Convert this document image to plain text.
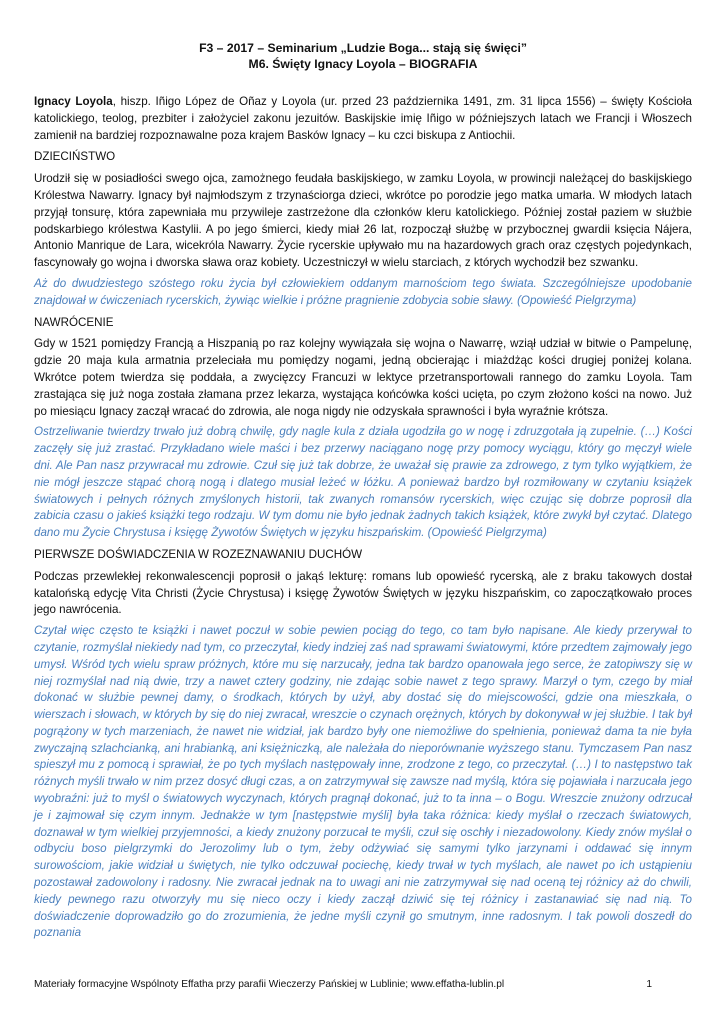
F3 – 2017 – Seminarium „Ludzie Boga... stają się święci”
M6. Święty Ignacy Loyola – BIOGRAFIA

Ignacy Loyola, hiszp. Iñigo López de Oñaz y Loyola (ur. przed 23 października 1491, zm. 31 lipca 1556) – święty Kościoła katolickiego, teolog, prezbiter i założyciel zakonu jezuitów. Baskijskie imię Iñigo w późniejszych latach we Francji i Włoszech zamienił na bardziej rozpoznawalne poza krajem Basków Ignacy – ku czci biskupa z Antiochii.

DZIECIŃSTWO

Urodził się w posiadłości swego ojca, zamożnego feudała baskijskiego, w zamku Loyola, w prowincji należącej do baskijskiego Królestwa Nawarry. Ignacy był najmłodszym z trzynaściorga dzieci, wkrótce po porodzie jego matka umarła. W młodych latach przyjął tonsurę, która zapewniała mu przywileje zastrzeżone dla członków kleru katolickiego. Później został paziem w służbie podskarbiego królestwa Kastylii. A po jego śmierci, kiedy miał 26 lat, rozpoczął służbę w przybocznej gwardii księcia Nájera, Antonio Manrique de Lara, wicekróla Nawarry. Życie rycerskie upływało mu na hazardowych grach oraz częstych pojedynkach, fascynowały go wojna i dworska sława oraz kobiety. Uczestniczył w wielu starciach, z których wychodził bez szwanku.

Aż do dwudziestego szóstego roku życia był człowiekiem oddanym marnościom tego świata. Szczególniejsze upodobanie znajdował w ćwiczeniach rycerskich, żywiąc wielkie i próżne pragnienie zdobycia sobie sławy. (Opowieść Pielgrzyma)

NAWRÓCENIE

Gdy w 1521 pomiędzy Francją a Hiszpanią po raz kolejny wywiązała się wojna o Nawarrę, wziął udział w bitwie o Pampelunę, gdzie 20 maja kula armatnia przeleciała mu pomiędzy nogami, jedną obcierając i miażdżąc kości drugiej poniżej kolana. Wkrótce potem twierdza się poddała, a zwycięzcy Francuzi w lektyce przetransportowali rannego do zamku Loyola. Tam zrastająca się już noga została złamana przez lekarza, wystająca końcówka kości ucięta, po czym złożono kości na nowo. Już po miesiącu Ignacy zaczął wracać do zdrowia, ale noga nigdy nie odzyskała sprawności i była wyraźnie krótsza.

Ostrzeliwanie twierdzy trwało już dobrą chwilę, gdy nagle kula z działa ugodziła go w nogę i zdruzgotała ją zupełnie. (…) Kości zaczęły się już zrastać. Przykładano wiele maści i bez przerwy naciągano nogę przy pomocy wyciągu, który go męczył wiele dni. Ale Pan nasz przywracał mu zdrowie. Czuł się już tak dobrze, że uważał się prawie za zdrowego, z tym tylko wyjątkiem, że nie mógł jeszcze stąpać chorą nogą i dlatego musiał leżeć w łóżku. A ponieważ bardzo był rozmiłowany w czytaniu książek światowych i pełnych różnych zmyślonych historii, tak zwanych romansów rycerskich, więc czując się dobrze poprosił dla zabicia czasu o jakieś książki tego rodzaju. W tym domu nie było jednak żadnych takich książek, które zwykł był czytać. Dlatego dano mu Życie Chrystusa i księgę Żywotów Świętych w języku hiszpańskim. (Opowieść Pielgrzyma)

PIERWSZE DOŚWIADCZENIA W ROZEZNAWANIU DUCHÓW

Podczas przewlekłej rekonwalescencji poprosił o jakąś lekturę: romans lub opowieść rycerską, ale z braku takowych dostał katalońską edycję Vita Christi (Życie Chrystusa) i księgę Żywotów Świętych w języku hiszpańskim, co zapoczątkowało proces jego nawrócenia.

Czytał więc często te książki i nawet poczuł w sobie pewien pociąg do tego, co tam było napisane. Ale kiedy przerywał to czytanie, rozmyślał niekiedy nad tym, co przeczytał, kiedy indziej zaś nad sprawami światowymi, które przedtem zajmowały jego umysł. Wśród tych wielu spraw próżnych, które mu się narzucały, jedna tak bardzo opanowała jego serce, że zatopiwszy się w niej rozmyślał nad nią dwie, trzy a nawet cztery godziny, nie zdając sobie nawet z tego sprawy. Marzył o tym, czego by miał dokonać w służbie pewnej damy, o środkach, których by użył, aby dostać się do miejscowości, gdzie ona mieszkała, o wierszach i słowach, w których by się do niej zwracał, wreszcie o czynach orężnych, których by dokonywał w jej służbie. I tak był pogrążony w tych marzeniach, że nawet nie widział, jak bardzo były one niemożliwe do spełnienia, ponieważ dama ta nie była zwyczajną szlachcianką, ani hrabianką, ani księżniczką, ale należała do nieporównanie wyższego stanu. Tymczasem Pan nasz spieszył mu z pomocą i sprawiał, że po tych myślach następowały inne, zrodzone z tego, co przeczytał. (…) I to następstwo tak różnych myśli trwało w nim przez dosyć długi czas, a on zatrzymywał się zawsze nad myślą, która się pojawiała i narzucała jego wyobraźni: już to myśl o światowych wyczynach, których pragnął dokonać, już to ta inna – o Bogu. Wreszcie znużony odrzucał je i zajmował się czym innym. Jednakże w tym [następstwie myśli] była taka różnica: kiedy myślał o rzeczach światowych, doznawał w tym wielkiej przyjemności, a kiedy znużony porzucał te myśli, czuł się oschły i niezadowolony. Kiedy znów myślał o odbyciu boso pielgrzymki do Jerozolimy lub o tym, żeby odżywiać się samymi tylko jarzynami i oddawać się innym surowościom, jakie widział u świętych, nie tylko odczuwał pociechę, kiedy trwał w tych myślach, ale nawet po ich ustąpieniu pozostawał zadowolony i radosny. Nie zwracał jednak na to uwagi ani nie zatrzymywał się nad oceną tej różnicy aż do chwili, kiedy pewnego razu otworzyły mu się nieco oczy i kiedy zaczął dziwić się tej różnicy i zastanawiać się nad nią. To doświadczenie doprowadziło go do zrozumienia, że jedne myśli czynił go smutnym, inne radosnym. I tak powoli doszedł do poznania

Materiały formacyjne Wspólnoty Effatha przy parafii Wieczerzy Pańskiej w Lublinie; www.effatha-lublin.pl	1
